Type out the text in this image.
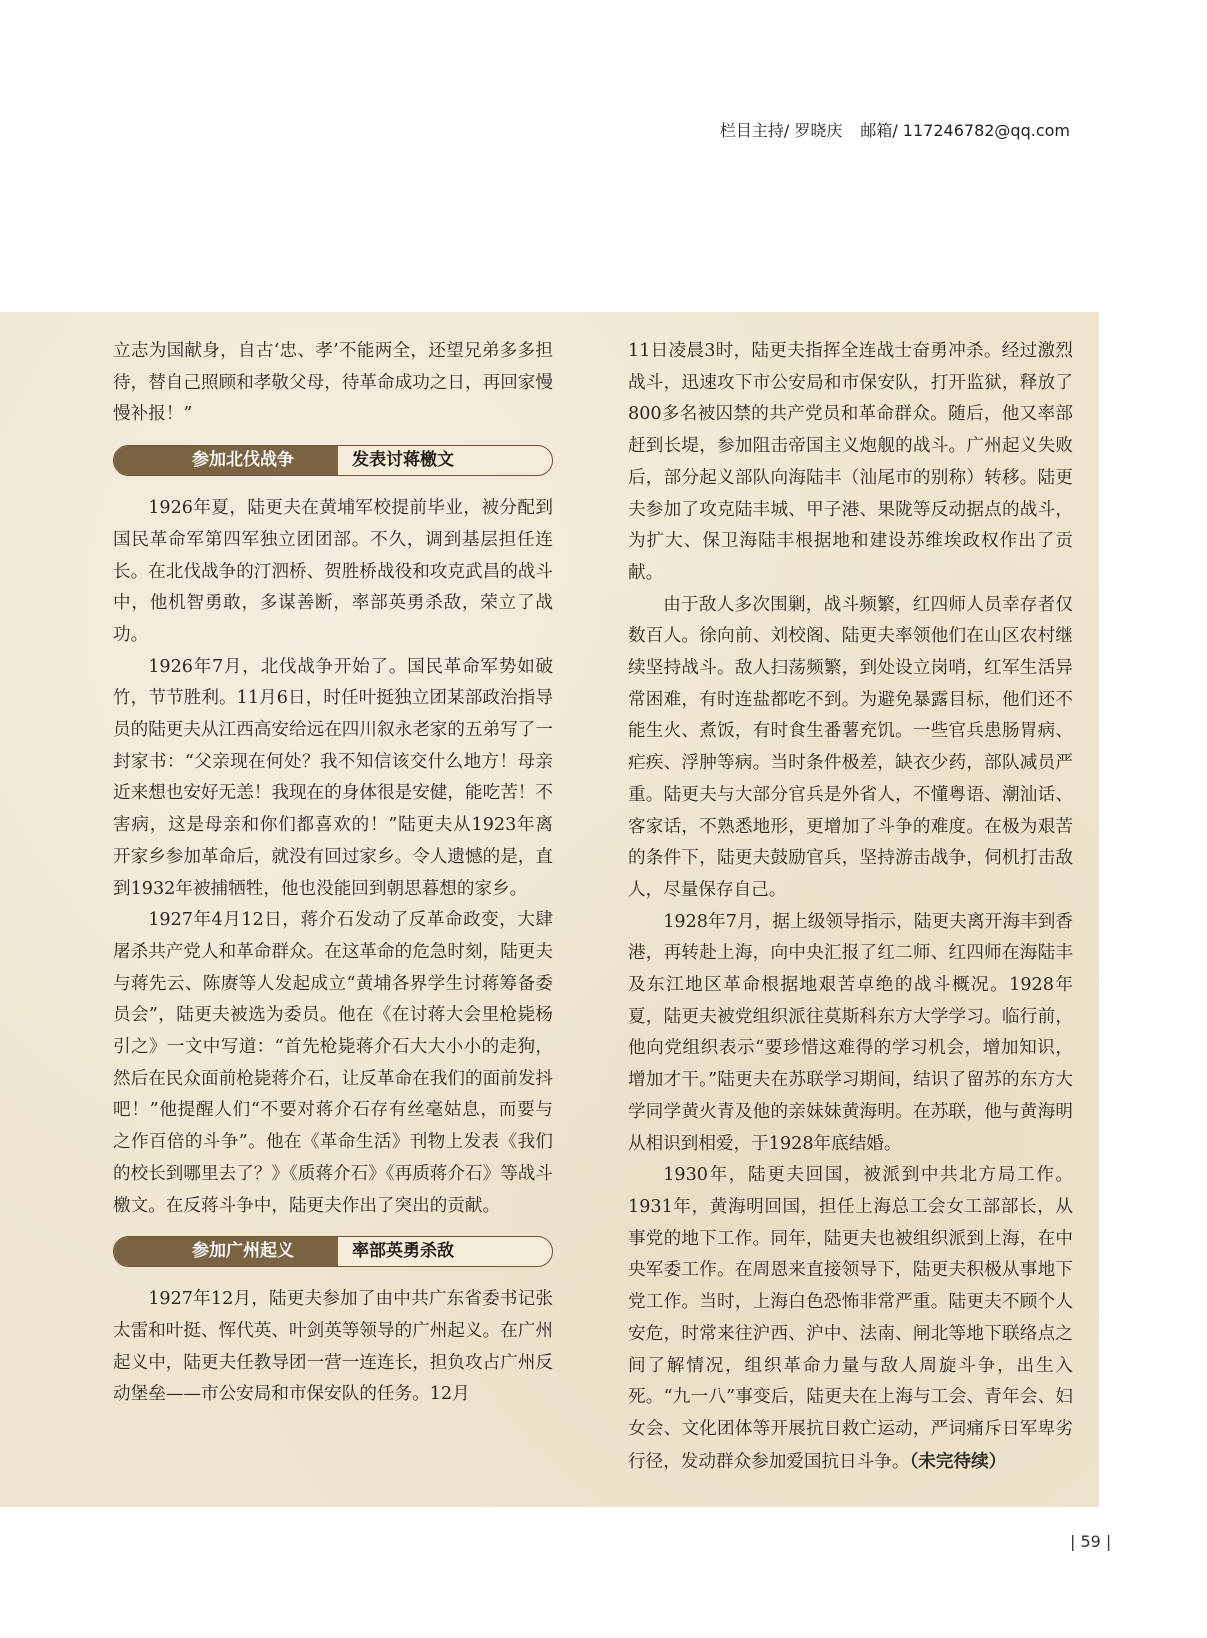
栏目主持/ 罗晓庆 邮箱/ 117246782@qq.com

立志为国献身，自古‘忠、孝’不能两全，还望兄弟多多担待，替自己照顾和孝敬父母，待革命成功之日，再回家慢慢补报！”

参加北伐战争	发表讨蒋檄文

1926年夏，陆更夫在黄埔军校提前毕业，被分配到国民革命军第四军独立团团部。不久，调到基层担任连长。在北伐战争的汀泗桥、贺胜桥战役和攻克武昌的战斗中，他机智勇敢，多谋善断，率部英勇杀敌，荣立了战功。

1926年7月，北伐战争开始了。国民革命军势如破竹，节节胜利。11月6日，时任叶挺独立团某部政治指导员的陆更夫从江西高安给远在四川叙永老家的五弟写了一封家书：“父亲现在何处？我不知信该交什么地方！母亲近来想也安好无恙！我现在的身体很是安健，能吃苦！不害病，这是母亲和你们都喜欢的！”陆更夫从1923年离开家乡参加革命后，就没有回过家乡。令人遗憾的是，直到1932年被捕牺牲，他也没能回到朝思暮想的家乡。

1927年4月12日，蒋介石发动了反革命政变，大肆屠杀共产党人和革命群众。在这革命的危急时刻，陆更夫与蒋先云、陈赓等人发起成立“黄埔各界学生讨蒋筹备委员会”，陆更夫被选为委员。他在《在讨蒋大会里枪毙杨引之》一文中写道：“首先枪毙蒋介石大大小小的走狗，然后在民众面前枪毙蒋介石，让反革命在我们的面前发抖吧！”他提醒人们“不要对蒋介石存有丝毫姑息，而要与之作百倍的斗争”。他在《革命生活》刊物上发表《我们的校长到哪里去了？》《质蒋介石》《再质蒋介石》等战斗檄文。在反蒋斗争中，陆更夫作出了突出的贡献。

参加广州起义	率部英勇杀敌

1927年12月，陆更夫参加了由中共广东省委书记张太雷和叶挺、恽代英、叶剑英等领导的广州起义。在广州起义中，陆更夫任教导团一营一连连长，担负攻占广州反动堡垒——市公安局和市保安队的任务。12月

11日凌晨3时，陆更夫指挥全连战士奋勇冲杀。经过激烈战斗，迅速攻下市公安局和市保安队，打开监狱，释放了800多名被囚禁的共产党员和革命群众。随后，他又率部赶到长堤，参加阻击帝国主义炮舰的战斗。广州起义失败后，部分起义部队向海陆丰（汕尾市的别称）转移。陆更夫参加了攻克陆丰城、甲子港、果陇等反动据点的战斗，为扩大、保卫海陆丰根据地和建设苏维埃政权作出了贡献。

由于敌人多次围剿，战斗频繁，红四师人员幸存者仅数百人。徐向前、刘校阁、陆更夫率领他们在山区农村继续坚持战斗。敌人扫荡频繁，到处设立岗哨，红军生活异常困难，有时连盐都吃不到。为避免暴露目标，他们还不能生火、煮饭，有时食生番薯充饥。一些官兵患肠胃病、疟疾、浮肿等病。当时条件极差，缺衣少药，部队减员严重。陆更夫与大部分官兵是外省人，不懂粤语、潮汕话、客家话，不熟悉地形，更增加了斗争的难度。在极为艰苦的条件下，陆更夫鼓励官兵，坚持游击战争，伺机打击敌人，尽量保存自己。

1928年7月，据上级领导指示，陆更夫离开海丰到香港，再转赴上海，向中央汇报了红二师、红四师在海陆丰及东江地区革命根据地艰苦卓绝的战斗概况。1928年夏，陆更夫被党组织派往莫斯科东方大学学习。临行前，他向党组织表示“要珍惜这难得的学习机会，增加知识，增加才干。”陆更夫在苏联学习期间，结识了留苏的东方大学同学黄火青及他的亲妹妹黄海明。在苏联，他与黄海明从相识到相爱，于1928年底结婚。

1930年，陆更夫回国，被派到中共北方局工作。1931年，黄海明回国，担任上海总工会女工部部长，从事党的地下工作。同年，陆更夫也被组织派到上海，在中央军委工作。在周恩来直接领导下，陆更夫积极从事地下党工作。当时，上海白色恐怖非常严重。陆更夫不顾个人安危，时常来往沪西、沪中、法南、闸北等地下联络点之间了解情况，组织革命力量与敌人周旋斗争，出生入死。“九一八”事变后，陆更夫在上海与工会、青年会、妇女会、文化团体等开展抗日救亡运动，严词痛斥日军卑劣行径，发动群众参加爱国抗日斗争。（未完待续）

| 59 |
